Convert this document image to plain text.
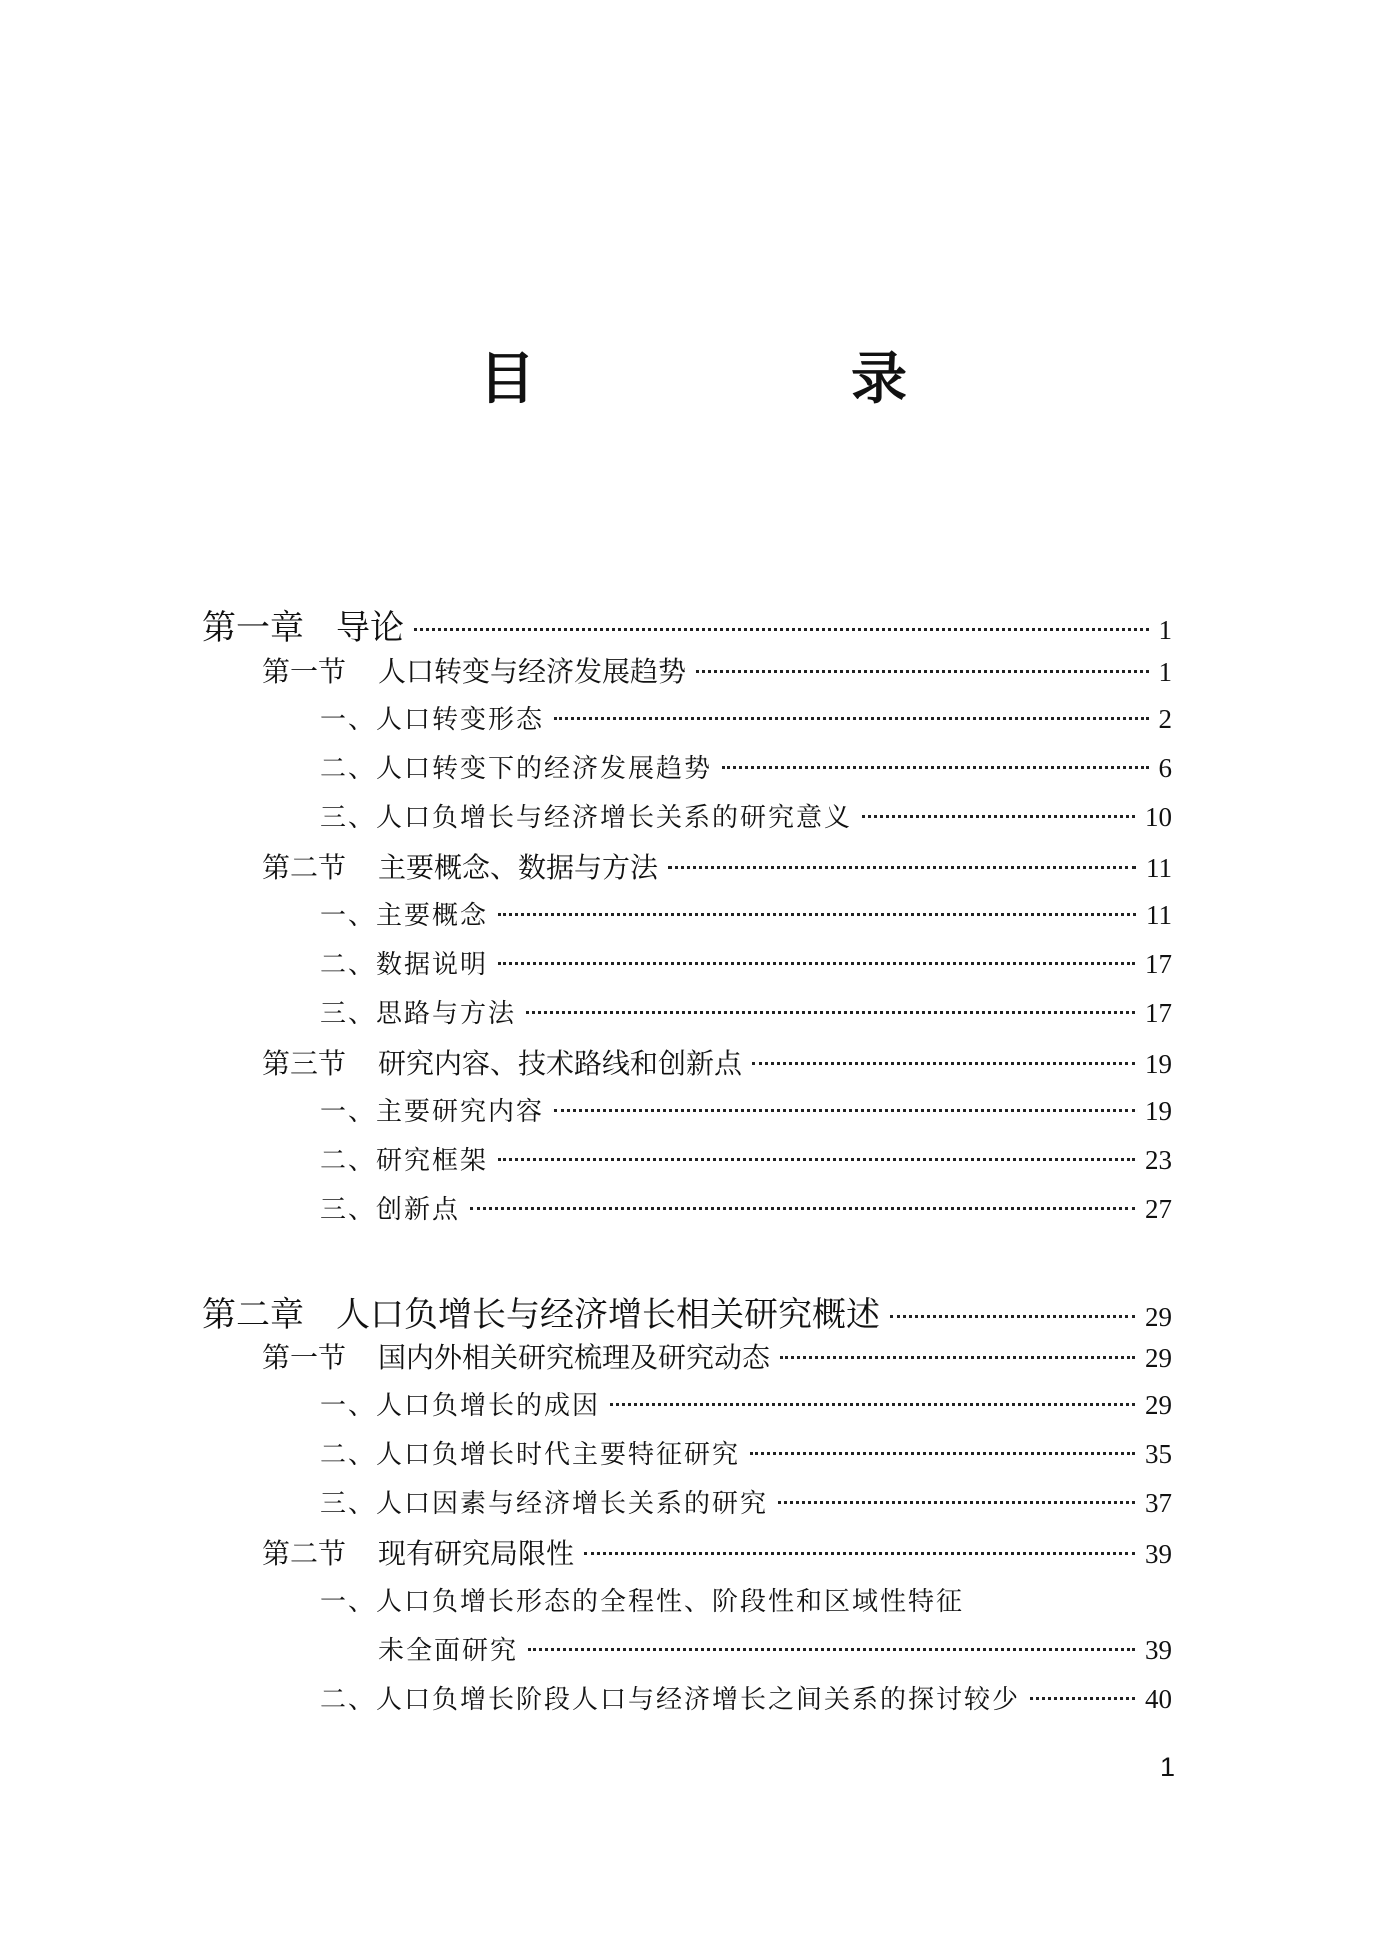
目　录
第一章 导论	1
第一节 人口转变与经济发展趋势	1
一、人口转变形态	2
二、人口转变下的经济发展趋势	6
三、人口负增长与经济增长关系的研究意义	10
第二节 主要概念、数据与方法	11
一、主要概念	11
二、数据说明	17
三、思路与方法	17
第三节 研究内容、技术路线和创新点	19
一、主要研究内容	19
二、研究框架	23
三、创新点	27
第二章 人口负增长与经济增长相关研究概述	29
第一节 国内外相关研究梳理及研究动态	29
一、人口负增长的成因	29
二、人口负增长时代主要特征研究	35
三、人口因素与经济增长关系的研究	37
第二节 现有研究局限性	39
一、人口负增长形态的全程性、阶段性和区域性特征
未全面研究	39
二、人口负增长阶段人口与经济增长之间关系的探讨较少	40
1
